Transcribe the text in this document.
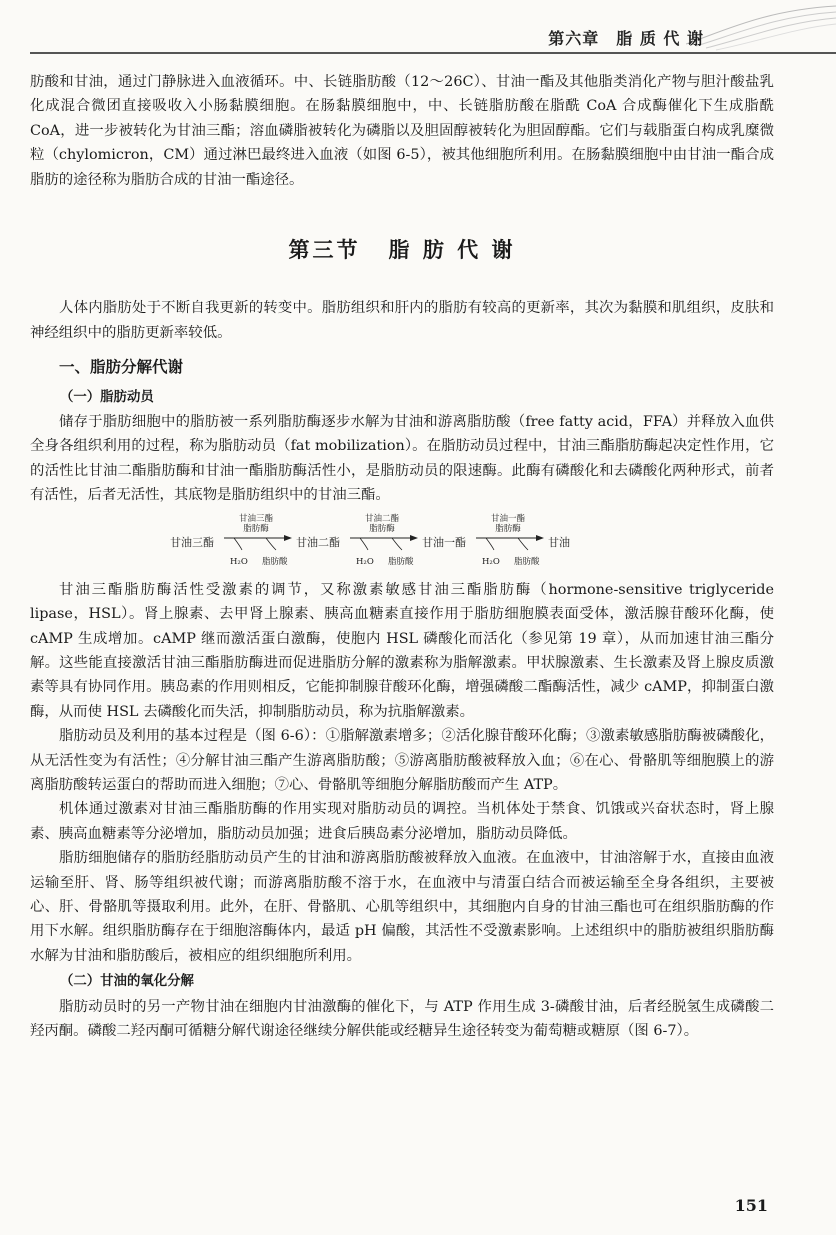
第六章　脂 质 代 谢

肪酸和甘油，通过门静脉进入血液循环。中、长链脂肪酸（12～26C）、甘油一酯及其他脂类消化产物与胆汁酸盐乳化成混合微团直接吸收入小肠黏膜细胞。在肠黏膜细胞中，中、长链脂肪酸在脂酰 CoA 合成酶催化下生成脂酰 CoA，进一步被转化为甘油三酯；溶血磷脂被转化为磷脂以及胆固醇被转化为胆固醇酯。它们与载脂蛋白构成乳糜微粒（chylomicron，CM）通过淋巴最终进入血液（如图 6-5），被其他细胞所利用。在肠黏膜细胞中由甘油一酯合成脂肪的途径称为脂肪合成的甘油一酯途径。

第三节 脂 肪 代 谢

人体内脂肪处于不断自我更新的转变中。脂肪组织和肝内的脂肪有较高的更新率，其次为黏膜和肌组织，皮肤和神经组织中的脂肪更新率较低。

一、脂肪分解代谢
（一）脂肪动员

储存于脂肪细胞中的脂肪被一系列脂肪酶逐步水解为甘油和游离脂肪酸（free fatty acid，FFA）并释放入血供全身各组织利用的过程，称为脂肪动员（fat mobilization）。在脂肪动员过程中，甘油三酯脂肪酶起决定性作用，它的活性比甘油二酯脂肪酶和甘油一酯脂肪酶活性小，是脂肪动员的限速酶。此酶有磷酸化和去磷酸化两种形式，前者有活性，后者无活性，其底物是脂肪组织中的甘油三酯。

甘油三酯
甘油三酯
脂肪酶
H₂O 脂肪酸
甘油二酯
甘油二酯
脂肪酶
H₂O 脂肪酸
甘油一酯
甘油一酯
脂肪酶
H₂O 脂肪酸
甘油

甘油三酯脂肪酶活性受激素的调节，又称激素敏感甘油三酯脂肪酶（hormone-sensitive triglyceride lipase，HSL）。肾上腺素、去甲肾上腺素、胰高血糖素直接作用于脂肪细胞膜表面受体，激活腺苷酸环化酶，使 cAMP 生成增加。cAMP 继而激活蛋白激酶，使胞内 HSL 磷酸化而活化（参见第 19 章），从而加速甘油三酯分解。这些能直接激活甘油三酯脂肪酶进而促进脂肪分解的激素称为脂解激素。甲状腺激素、生长激素及肾上腺皮质激素等具有协同作用。胰岛素的作用则相反，它能抑制腺苷酸环化酶，增强磷酸二酯酶活性，减少 cAMP，抑制蛋白激酶，从而使 HSL 去磷酸化而失活，抑制脂肪动员，称为抗脂解激素。

脂肪动员及利用的基本过程是（图 6-6）：①脂解激素增多；②活化腺苷酸环化酶；③激素敏感脂肪酶被磷酸化，从无活性变为有活性；④分解甘油三酯产生游离脂肪酸；⑤游离脂肪酸被释放入血；⑥在心、骨骼肌等细胞膜上的游离脂肪酸转运蛋白的帮助而进入细胞；⑦心、骨骼肌等细胞分解脂肪酸而产生 ATP。

机体通过激素对甘油三酯脂肪酶的作用实现对脂肪动员的调控。当机体处于禁食、饥饿或兴奋状态时，肾上腺素、胰高血糖素等分泌增加，脂肪动员加强；进食后胰岛素分泌增加，脂肪动员降低。

脂肪细胞储存的脂肪经脂肪动员产生的甘油和游离脂肪酸被释放入血液。在血液中，甘油溶解于水，直接由血液运输至肝、肾、肠等组织被代谢；而游离脂肪酸不溶于水，在血液中与清蛋白结合而被运输至全身各组织，主要被心、肝、骨骼肌等摄取利用。此外，在肝、骨骼肌、心肌等组织中，其细胞内自身的甘油三酯也可在组织脂肪酶的作用下水解。组织脂肪酶存在于细胞溶酶体内，最适 pH 偏酸，其活性不受激素影响。上述组织中的脂肪被组织脂肪酶水解为甘油和脂肪酸后，被相应的组织细胞所利用。

（二）甘油的氧化分解

脂肪动员时的另一产物甘油在细胞内甘油激酶的催化下，与 ATP 作用生成 3-磷酸甘油，后者经脱氢生成磷酸二羟丙酮。磷酸二羟丙酮可循糖分解代谢途径继续分解供能或经糖异生途径转变为葡萄糖或糖原（图 6-7）。

151
